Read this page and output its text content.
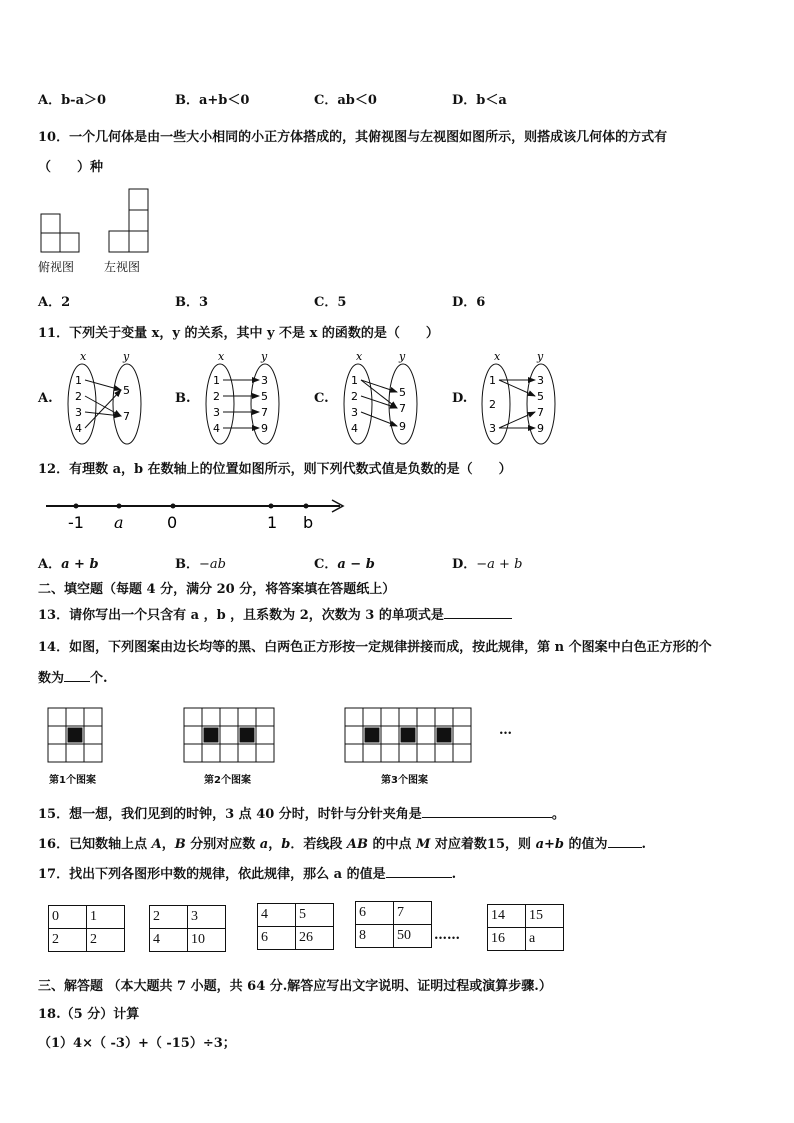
A．b-a＞0	B．a+b＜0	C．ab＜0	D．b＜a
10．一个几何体是由一些大小相同的小正方体搭成的，其俯视图与左视图如图所示，则搭成该几何体的方式有
（　　）种
俯视图 左视图
A．2	B．3	C．5	D．6
11．下列关于变量 x，y 的关系，其中 y 不是 x 的函数的是（　　）
A.	B.	C.	D.
x	y
1
2
3
4
5
7
x	y
1
2
3
4
3
5
7
9
x	y
1
2
3
4
5
7
9
x	y
1
2
3
3
5
7
9
12．有理数 a，b 在数轴上的位置如图所示，则下列代数式值是负数的是（　　）
-1 a	0	1 b
A．a + b	B．−ab	C．a − b	D．−a + b
二、填空题（每题 4 分，满分 20 分，将答案填在答题纸上）
13．请你写出一个只含有 a ，b ，且系数为 2，次数为 3 的单项式是
14．如图，下列图案由边长均等的黑、白两色正方形按一定规律拼接而成，按此规律，第 n 个图案中白色正方形的个
数为 个.
…
第1个图案	第2个图案	第3个图案
15．想一想，我们见到的时钟，3 点 40 分时，时针与分针夹角是	。
16．已知数轴上点 A，B 分别对应数 a，b．若线段 AB 的中点 M 对应着数15，则 a+b 的值为	.
17．找出下列各图形中数的规律，依此规律，那么 a 的值是	.
0	1
2	2
2	3
4	10
4	5
6	26
6	7
8	50
14	15
16	a
……
三、解答题 （本大题共 7 小题，共 64 分.解答应写出文字说明、证明过程或演算步骤.）
18.（5 分）计算
（1）4×（ -3）+（ -15）÷3；
